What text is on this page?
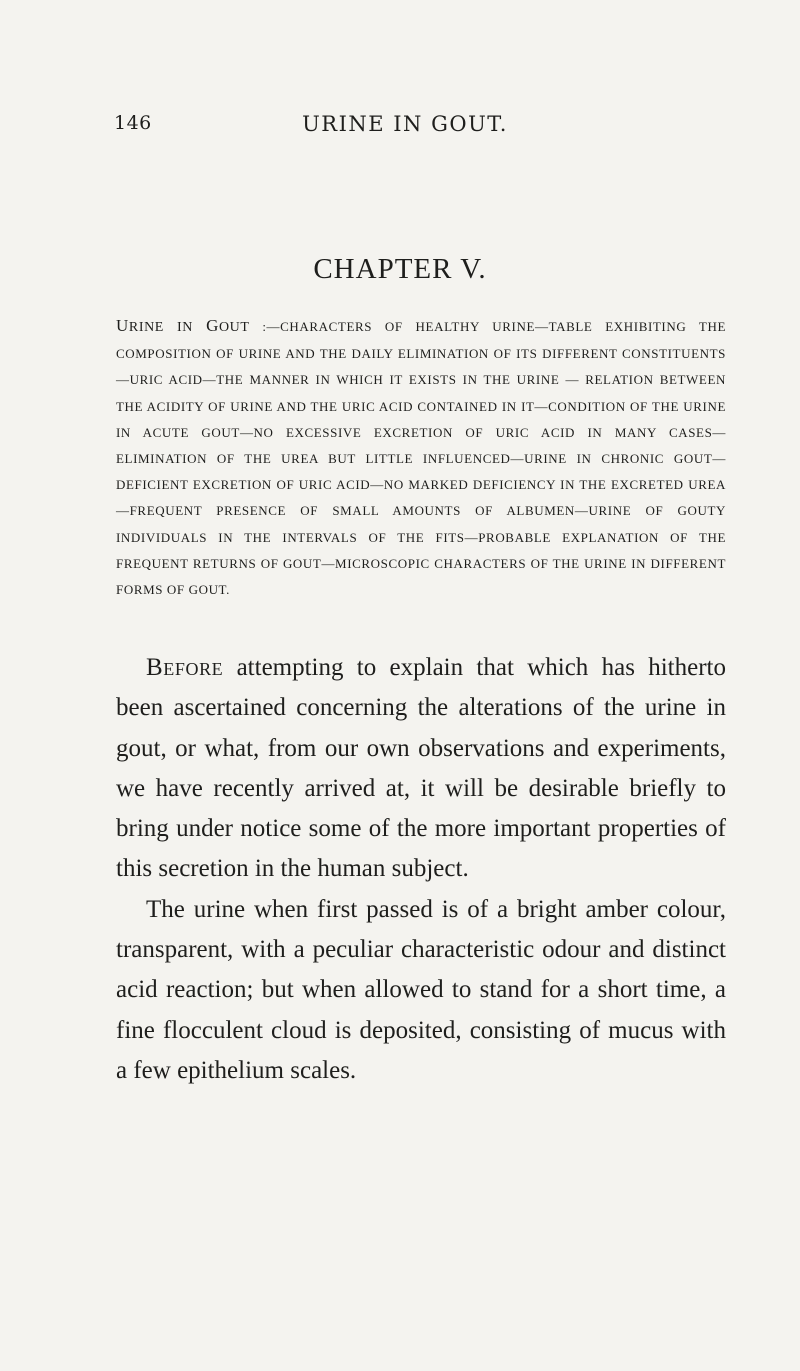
146	URINE IN GOUT.
CHAPTER V.
URINE IN GOUT :—CHARACTERS OF HEALTHY URINE—TABLE EXHIBITING THE COMPOSITION OF URINE AND THE DAILY ELIMINATION OF ITS DIFFERENT CONSTITUENTS—URIC ACID—THE MANNER IN WHICH IT EXISTS IN THE URINE — RELATION BETWEEN THE ACIDITY OF URINE AND THE URIC ACID CONTAINED IN IT—CONDITION OF THE URINE IN ACUTE GOUT—NO EXCESSIVE EXCRETION OF URIC ACID IN MANY CASES—ELIMINATION OF THE UREA BUT LITTLE INFLUENCED—URINE IN CHRONIC GOUT—DEFICIENT EXCRETION OF URIC ACID—NO MARKED DEFICIENCY IN THE EXCRETED UREA—FREQUENT PRESENCE OF SMALL AMOUNTS OF ALBUMEN—URINE OF GOUTY INDIVIDUALS IN THE INTERVALS OF THE FITS—PROBABLE EXPLANATION OF THE FREQUENT RETURNS OF GOUT—MICROSCOPIC CHARACTERS OF THE URINE IN DIFFERENT FORMS OF GOUT.

Before attempting to explain that which has hitherto been ascertained concerning the alterations of the urine in gout, or what, from our own observations and experiments, we have recently arrived at, it will be desirable briefly to bring under notice some of the more important properties of this secretion in the human subject.

The urine when first passed is of a bright amber colour, transparent, with a peculiar characteristic odour and distinct acid reaction; but when allowed to stand for a short time, a fine flocculent cloud is deposited, consisting of mucus with a few epithelium scales.
